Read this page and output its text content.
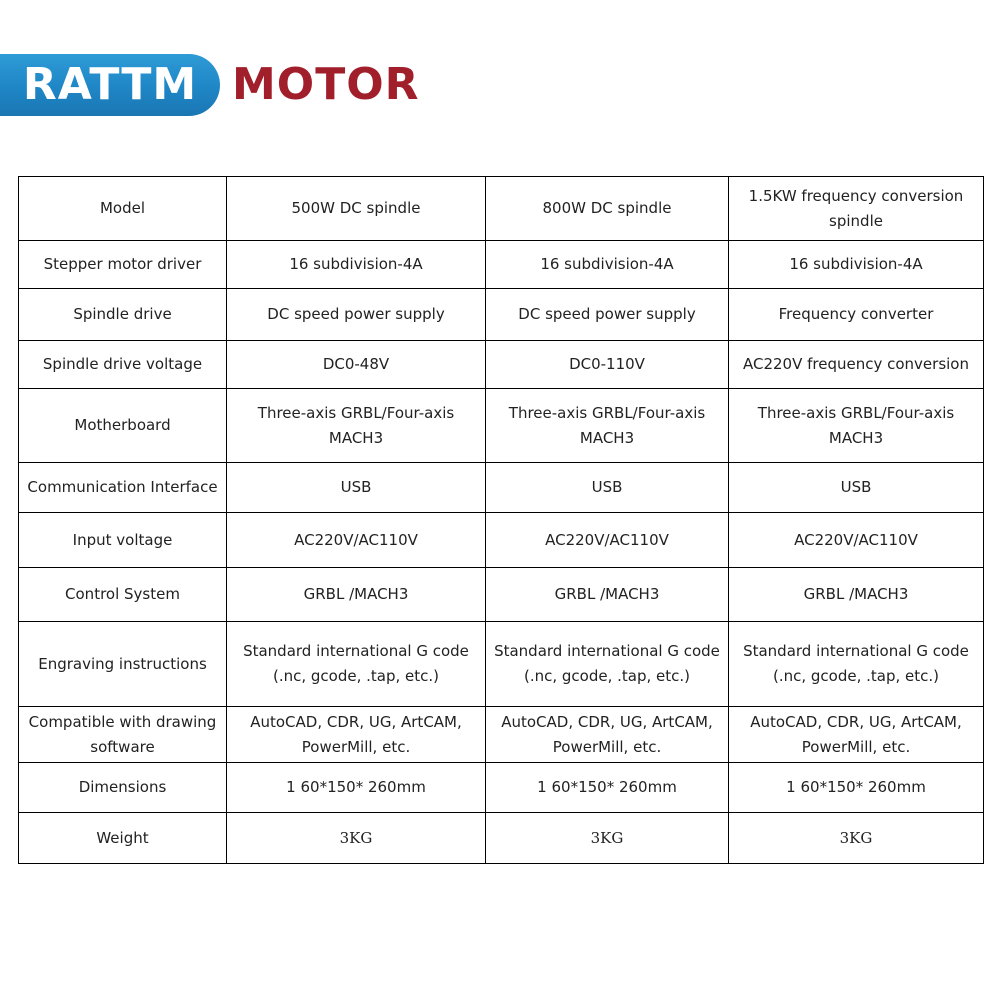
RATTM MOTOR
Model	500W DC spindle	800W DC spindle	1.5KW frequency conversion spindle
Stepper motor driver	16 subdivision-4A	16 subdivision-4A	16 subdivision-4A
Spindle drive	DC speed power supply	DC speed power supply	Frequency converter
Spindle drive voltage	DC0-48V	DC0-110V	AC220V frequency conversion
Motherboard	Three-axis GRBL/Four-axis MACH3	Three-axis GRBL/Four-axis MACH3	Three-axis GRBL/Four-axis MACH3
Communication Interface	USB	USB	USB
Input voltage	AC220V/AC110V	AC220V/AC110V	AC220V/AC110V
Control System	GRBL /MACH3	GRBL /MACH3	GRBL /MACH3
Engraving instructions	Standard international G code (.nc, gcode, .tap, etc.)	Standard international G code (.nc, gcode, .tap, etc.)	Standard international G code (.nc, gcode, .tap, etc.)
Compatible with drawing software	AutoCAD, CDR, UG, ArtCAM, PowerMill, etc.	AutoCAD, CDR, UG, ArtCAM, PowerMill, etc.	AutoCAD, CDR, UG, ArtCAM, PowerMill, etc.
Dimensions	1 60*150* 260mm	1 60*150* 260mm	1 60*150* 260mm
Weight	3KG	3KG	3KG
